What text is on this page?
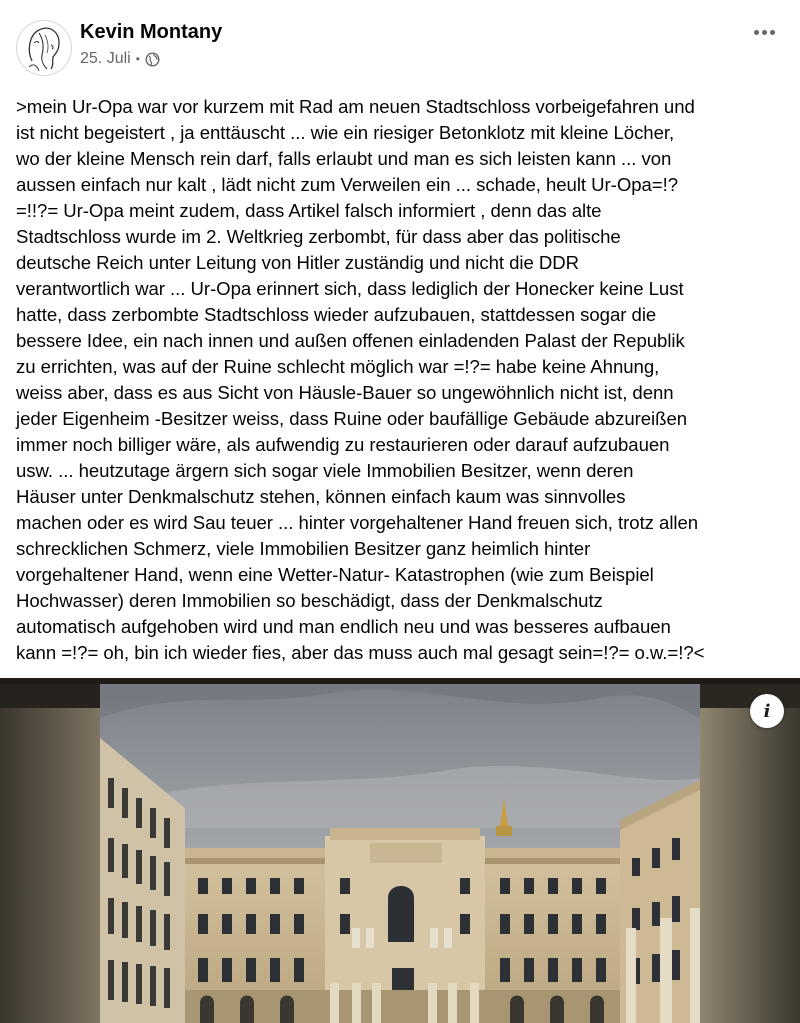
Kevin Montany
25. Juli •
>mein Ur-Opa war vor kurzem mit Rad am neuen Stadtschloss vorbeigefahren und
ist nicht begeistert , ja enttäuscht ... wie ein riesiger Betonklotz mit kleine Löcher,
wo der kleine Mensch rein darf, falls erlaubt und man es sich leisten kann ... von
aussen einfach nur kalt , lädt nicht zum Verweilen ein ... schade, heult Ur-Opa=!?
=!!?= Ur-Opa meint zudem, dass Artikel falsch informiert , denn das alte
Stadtschloss wurde im 2. Weltkrieg zerbombt, für dass aber das politische
deutsche Reich unter Leitung von Hitler zuständig und nicht die DDR
verantwortlich war ... Ur-Opa erinnert sich, dass lediglich der Honecker keine Lust
hatte, dass zerbombte Stadtschloss wieder aufzubauen, stattdessen sogar die
bessere Idee, ein nach innen und außen offenen einladenden Palast der Republik
zu errichten, was auf der Ruine schlecht möglich war =!?= habe keine Ahnung,
weiss aber, dass es aus Sicht von Häusle-Bauer so ungewöhnlich nicht ist, denn
jeder Eigenheim -Besitzer weiss, dass Ruine oder baufällige Gebäude abzureißen
immer noch billiger wäre, als aufwendig zu restaurieren oder darauf aufzubauen
usw. ... heutzutage ärgern sich sogar viele Immobilien Besitzer, wenn deren
Häuser unter Denkmalschutz stehen, können einfach kaum was sinnvolles
machen oder es wird Sau teuer ... hinter vorgehaltener Hand freuen sich, trotz allen
schrecklichen Schmerz, viele Immobilien Besitzer ganz heimlich hinter
vorgehaltener Hand, wenn eine Wetter-Natur- Katastrophen (wie zum Beispiel
Hochwasser) deren Immobilien so beschädigt, dass der Denkmalschutz
automatisch aufgehoben wird und man endlich neu und was besseres aufbauen
kann =!?= oh, bin ich wieder fies, aber das muss auch mal gesagt sein=!?= o.w.=!?<
i
